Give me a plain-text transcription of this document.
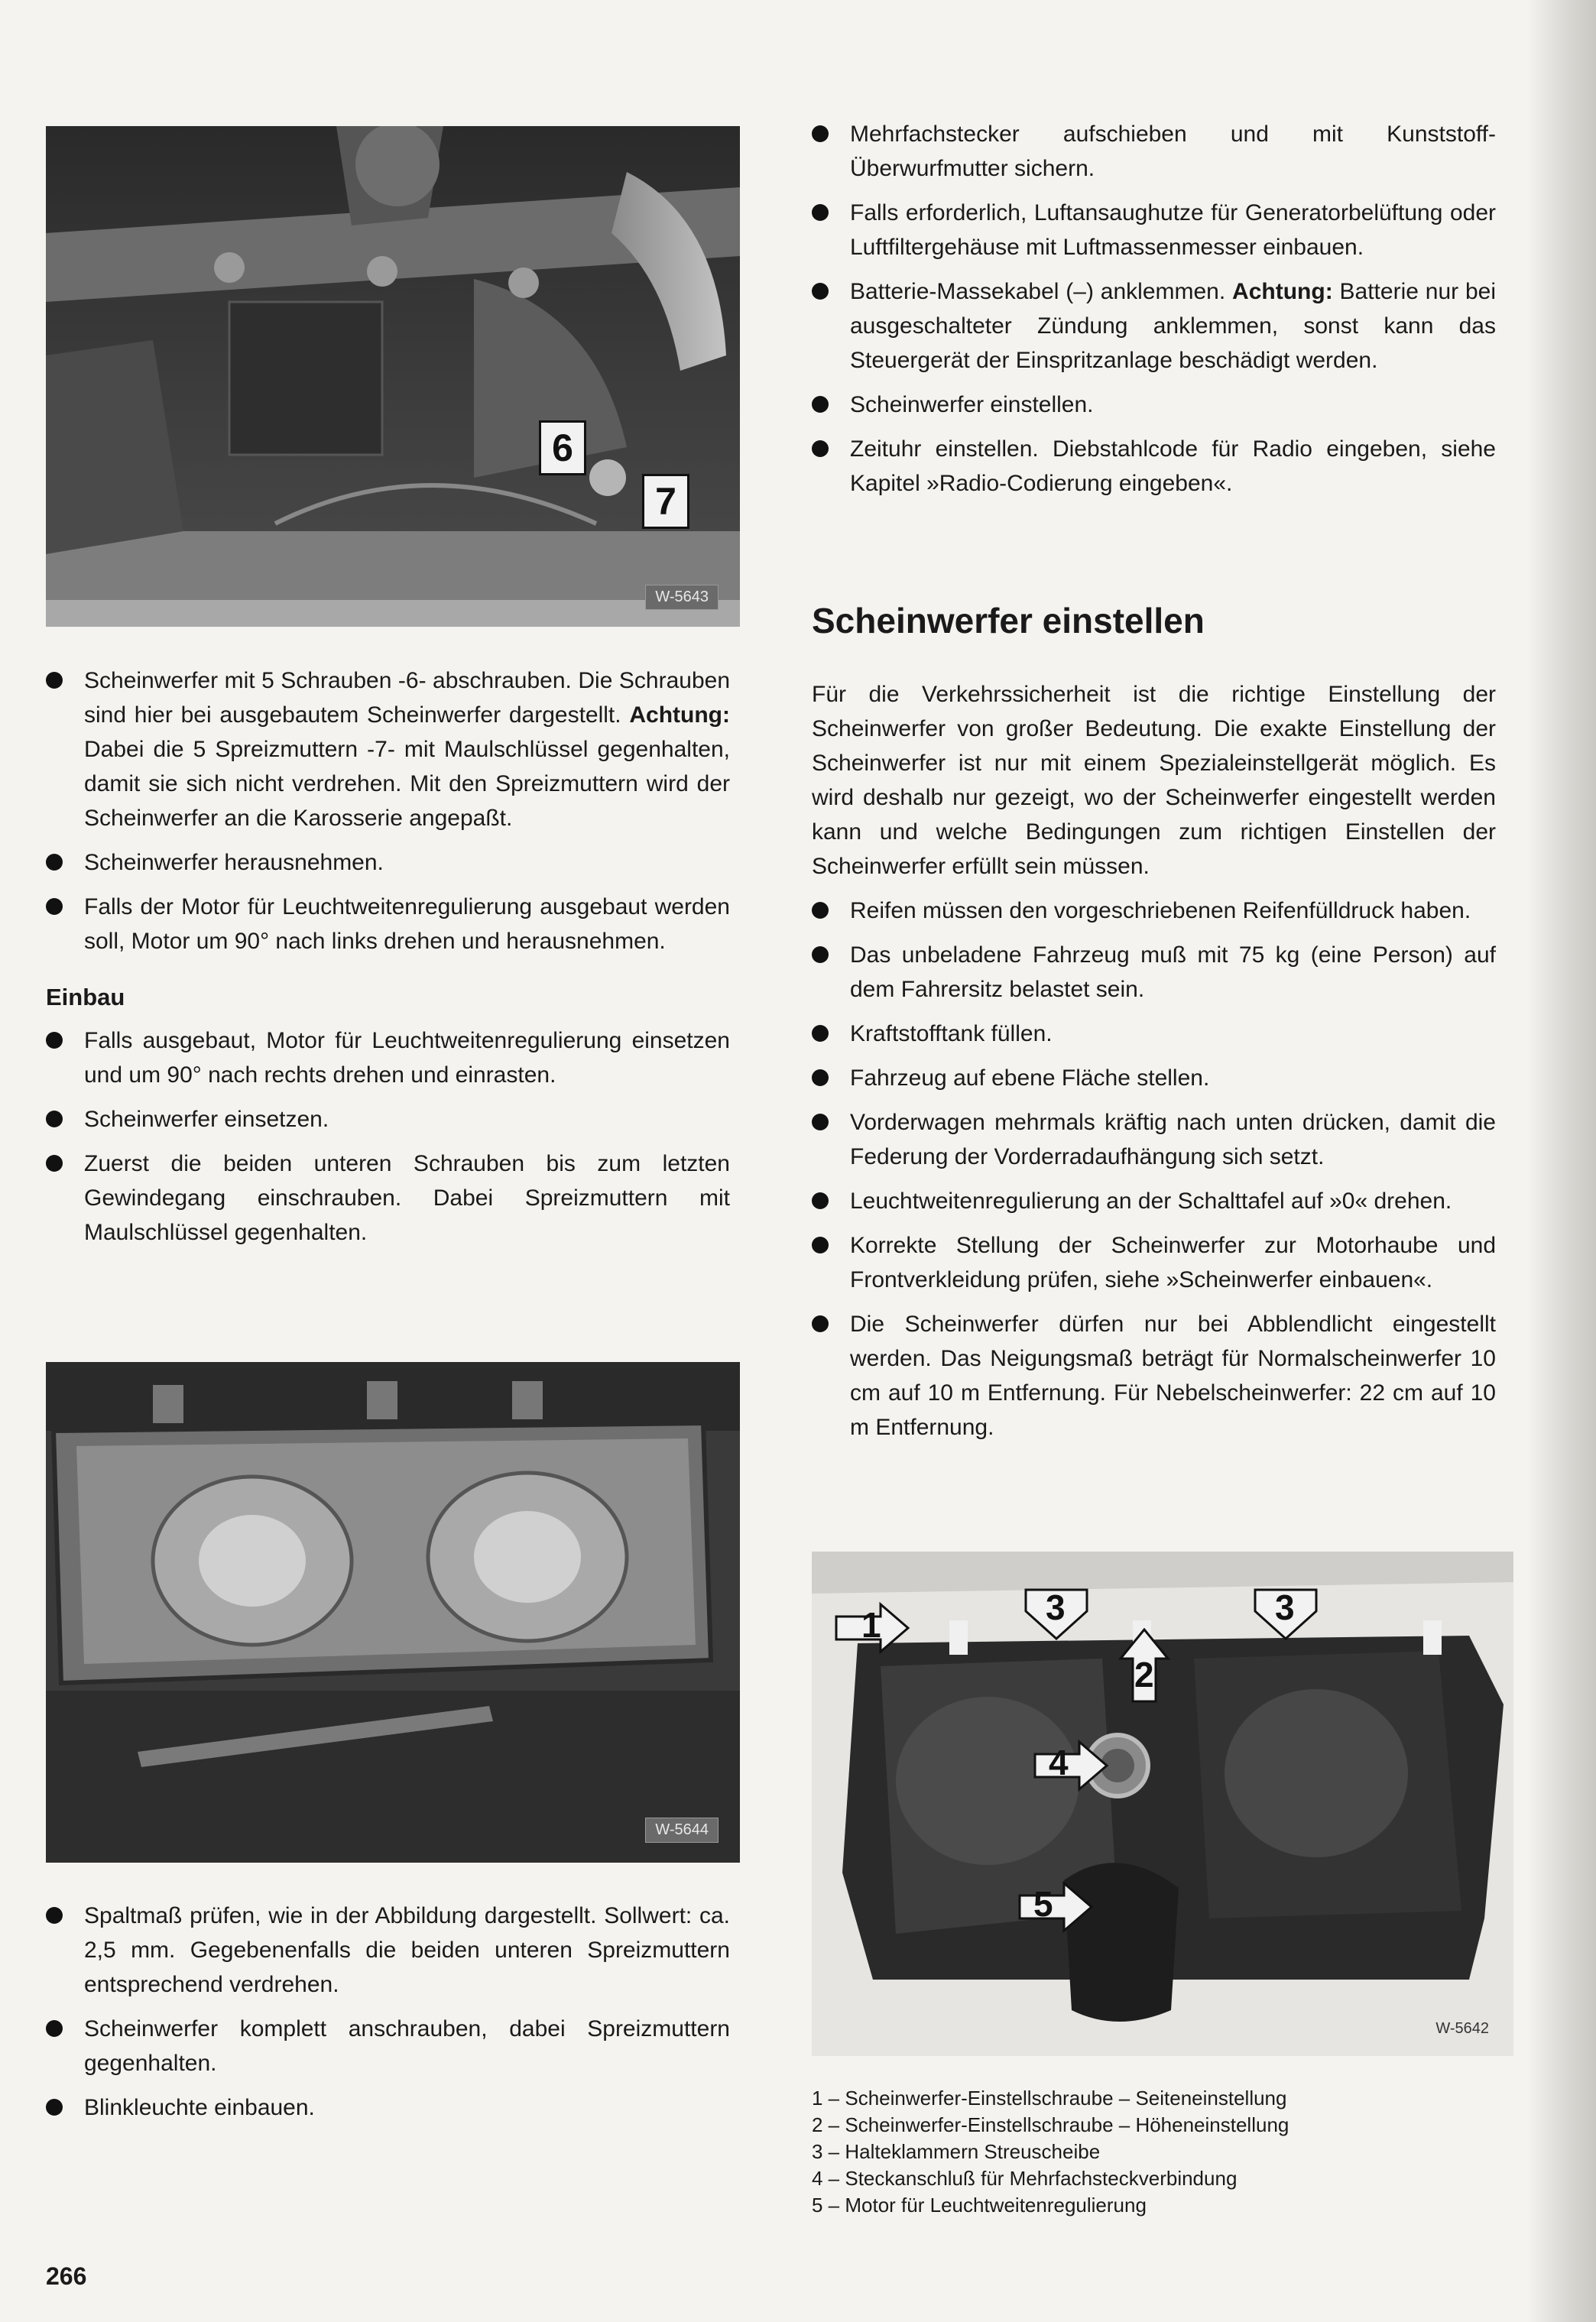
6
7
W-5643
Scheinwerfer mit 5 Schrauben -6- abschrauben. Die Schrauben sind hier bei ausgebautem Scheinwerfer dargestellt. Achtung: Dabei die 5 Spreizmuttern -7- mit Maulschlüssel gegenhalten, damit sie sich nicht verdrehen. Mit den Spreizmuttern wird der Scheinwerfer an die Karosserie angepaßt.
Scheinwerfer herausnehmen.
Falls der Motor für Leuchtweitenregulierung ausgebaut werden soll, Motor um 90° nach links drehen und herausnehmen.
Einbau
Falls ausgebaut, Motor für Leuchtweitenregulierung einsetzen und um 90° nach rechts drehen und einrasten.
Scheinwerfer einsetzen.
Zuerst die beiden unteren Schrauben bis zum letzten Gewindegang einschrauben. Dabei Spreizmuttern mit Maulschlüssel gegenhalten.
W-5644
Spaltmaß prüfen, wie in der Abbildung dargestellt. Sollwert: ca. 2,5 mm. Gegebenenfalls die beiden unteren Spreizmuttern entsprechend verdrehen.
Scheinwerfer komplett anschrauben, dabei Spreizmuttern gegenhalten.
Blinkleuchte einbauen.
Mehrfachstecker aufschieben und mit Kunststoff-Überwurfmutter sichern.
Falls erforderlich, Luftansaughutze für Generatorbelüftung oder Luftfiltergehäuse mit Luftmassenmesser einbauen.
Batterie-Massekabel (–) anklemmen. Achtung: Batterie nur bei ausgeschalteter Zündung anklemmen, sonst kann das Steuergerät der Einspritzanlage beschädigt werden.
Scheinwerfer einstellen.
Zeituhr einstellen. Diebstahlcode für Radio eingeben, siehe Kapitel »Radio-Codierung eingeben«.
Scheinwerfer einstellen

Für die Verkehrssicherheit ist die richtige Einstellung der Scheinwerfer von großer Bedeutung. Die exakte Einstellung der Scheinwerfer ist nur mit einem Spezialeinstellgerät möglich. Es wird deshalb nur gezeigt, wo der Scheinwerfer eingestellt werden kann und welche Bedingungen zum richtigen Einstellen der Scheinwerfer erfüllt sein müssen.

Reifen müssen den vorgeschriebenen Reifenfülldruck haben.
Das unbeladene Fahrzeug muß mit 75 kg (eine Person) auf dem Fahrersitz belastet sein.
Kraftstofftank füllen.
Fahrzeug auf ebene Fläche stellen.
Vorderwagen mehrmals kräftig nach unten drücken, damit die Federung der Vorderradaufhängung sich setzt.
Leuchtweitenregulierung an der Schalttafel auf »0« drehen.
Korrekte Stellung der Scheinwerfer zur Motorhaube und Frontverkleidung prüfen, siehe »Scheinwerfer einbauen«.
Die Scheinwerfer dürfen nur bei Abblendlicht eingestellt werden. Das Neigungsmaß beträgt für Normalscheinwerfer 10 cm auf 10 m Entfernung. Für Nebelscheinwerfer: 22 cm auf 10 m Entfernung.
1	3	3
2
4
5
W-5642
1 – Scheinwerfer-Einstellschraube – Seiteneinstellung
2 – Scheinwerfer-Einstellschraube – Höheneinstellung
3 – Halteklammern Streuscheibe
4 – Steckanschluß für Mehrfachsteckverbindung
5 – Motor für Leuchtweitenregulierung
266
